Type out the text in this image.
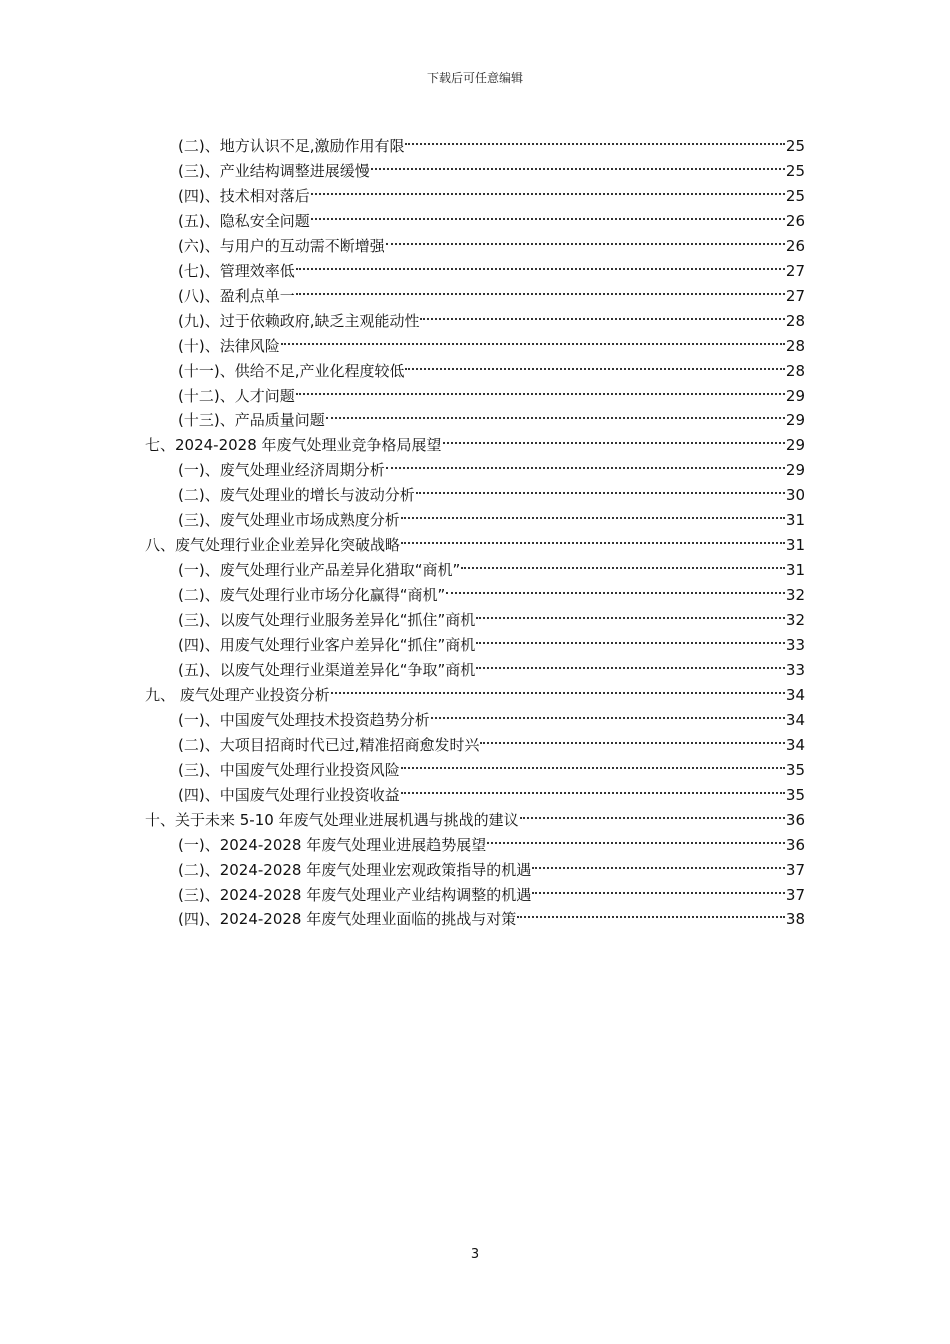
下载后可任意编辑
(二)、地方认识不足,激励作用有限	25
(三)、产业结构调整进展缓慢	25
(四)、技术相对落后	25
(五)、隐私安全问题	26
(六)、与用户的互动需不断增强	26
(七)、管理效率低	27
(八)、盈利点单一	27
(九)、过于依赖政府,缺乏主观能动性	28
(十)、法律风险	28
(十一)、供给不足,产业化程度较低	28
(十二)、人才问题	29
(十三)、产品质量问题	29
七、2024-2028 年废气处理业竞争格局展望	29
(一)、废气处理业经济周期分析	29
(二)、废气处理业的增长与波动分析	30
(三)、废气处理业市场成熟度分析	31
八、废气处理行业企业差异化突破战略	31
(一)、废气处理行业产品差异化猎取“商机”	31
(二)、废气处理行业市场分化赢得“商机”	32
(三)、以废气处理行业服务差异化“抓住”商机	32
(四)、用废气处理行业客户差异化“抓住”商机	33
(五)、以废气处理行业渠道差异化“争取”商机	33
九、 废气处理产业投资分析	34
(一)、中国废气处理技术投资趋势分析	34
(二)、大项目招商时代已过,精准招商愈发时兴	34
(三)、中国废气处理行业投资风险	35
(四)、中国废气处理行业投资收益	35
十、关于未来 5-10 年废气处理业进展机遇与挑战的建议	36
(一)、2024-2028 年废气处理业进展趋势展望	36
(二)、2024-2028 年废气处理业宏观政策指导的机遇	37
(三)、2024-2028 年废气处理业产业结构调整的机遇	37
(四)、2024-2028 年废气处理业面临的挑战与对策	38
3
